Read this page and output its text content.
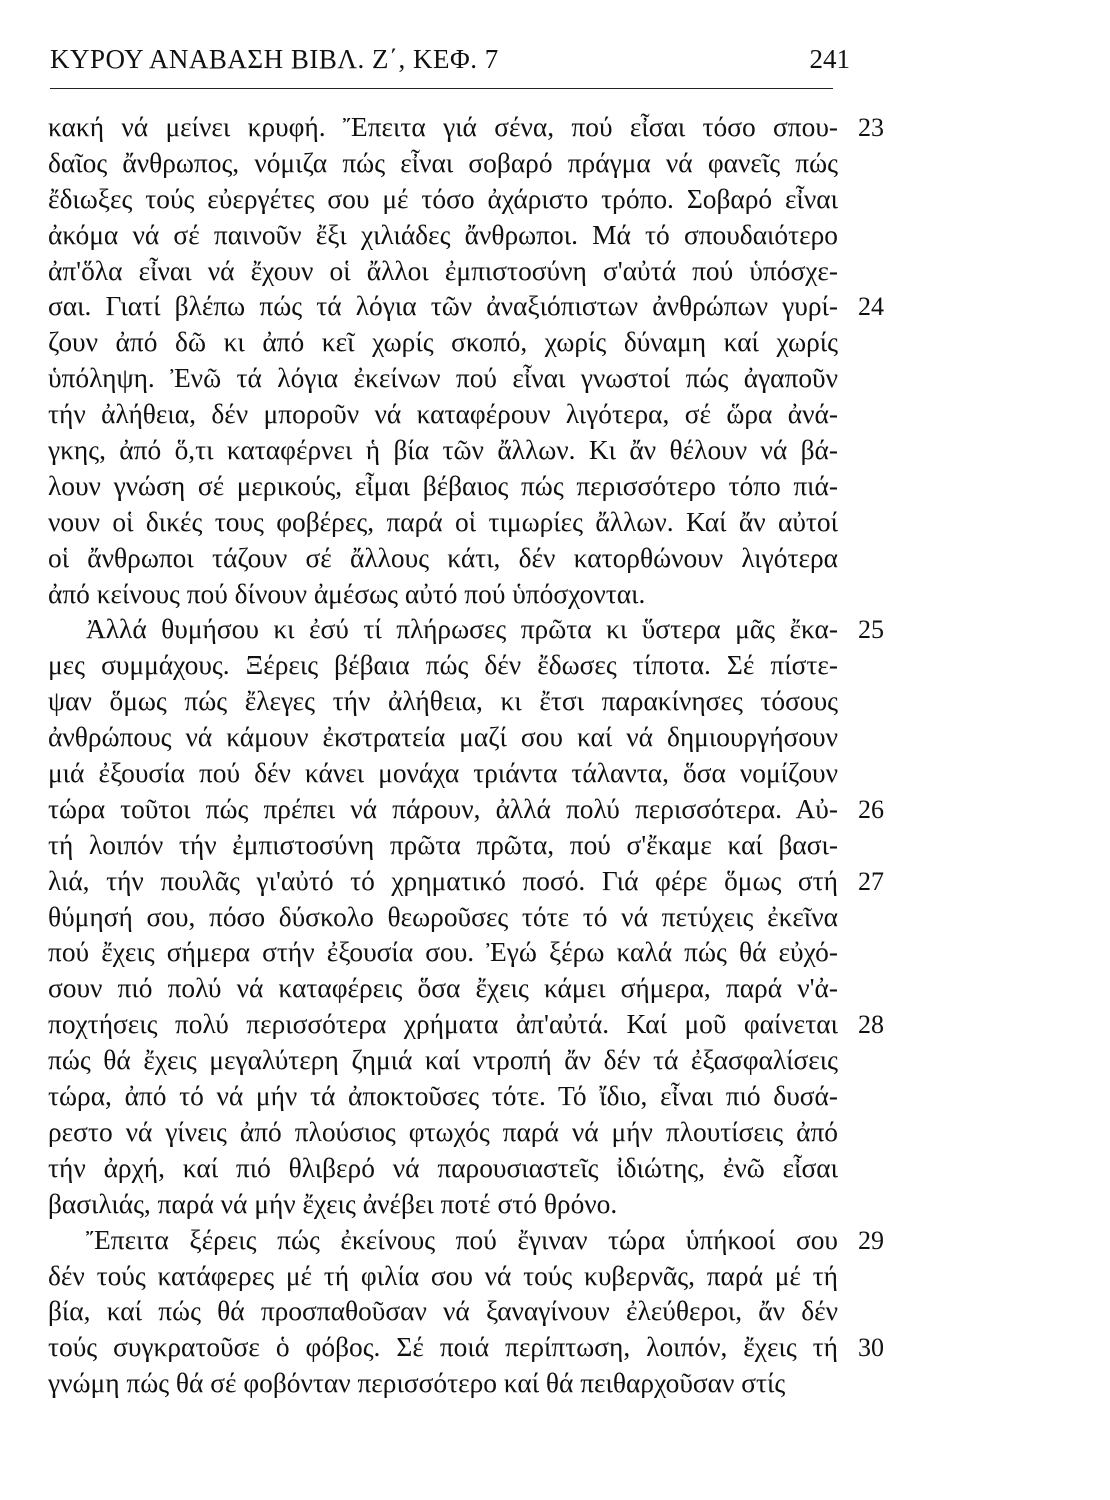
ΚΥΡΟΥ ΑΝΑΒΑΣΗ ΒΙΒΛ. Ζ΄, ΚΕΦ. 7	241
κακή νά μείνει κρυφή. Ἔπειτα γιά σένα, πού εἶσαι τόσο σπου- 23
δαῖος ἄνθρωπος, νόμιζα πώς εἶναι σοβαρό πράγμα νά φανεῖς πώς
ἔδιωξες τούς εὐεργέτες σου μέ τόσο ἀχάριστο τρόπο. Σοβαρό εἶναι
ἀκόμα νά σέ παινοῦν ἔξι χιλιάδες ἄνθρωποι. Μά τό σπουδαιότερο
ἀπ'ὅλα εἶναι νά ἔχουν οἱ ἄλλοι ἐμπιστοσύνη σ'αὐτά πού ὑπόσχε-
σαι. Γιατί βλέπω πώς τά λόγια τῶν ἀναξιόπιστων ἀνθρώπων γυρί- 24
ζουν ἀπό δῶ κι ἀπό κεῖ χωρίς σκοπό, χωρίς δύναμη καί χωρίς
ὑπόληψη. Ἐνῶ τά λόγια ἐκείνων πού εἶναι γνωστοί πώς ἀγαποῦν
τήν ἀλήθεια, δέν μποροῦν νά καταφέρουν λιγότερα, σέ ὥρα ἀνά-
γκης, ἀπό ὅ,τι καταφέρνει ἡ βία τῶν ἄλλων. Κι ἄν θέλουν νά βά-
λουν γνώση σέ μερικούς, εἶμαι βέβαιος πώς περισσότερο τόπο πιά-
νουν οἱ δικές τους φοβέρες, παρά οἱ τιμωρίες ἄλλων. Καί ἄν αὐτοί
οἱ ἄνθρωποι τάζουν σέ ἄλλους κάτι, δέν κατορθώνουν λιγότερα
ἀπό κείνους πού δίνουν ἀμέσως αὐτό πού ὑπόσχονται.
Ἀλλά θυμήσου κι ἐσύ τί πλήρωσες πρῶτα κι ὕστερα μᾶς ἔκα- 25
μες συμμάχους. Ξέρεις βέβαια πώς δέν ἔδωσες τίποτα. Σέ πίστε-
ψαν ὅμως πώς ἔλεγες τήν ἀλήθεια, κι ἔτσι παρακίνησες τόσους
ἀνθρώπους νά κάμουν ἐκστρατεία μαζί σου καί νά δημιουργήσουν
μιά ἐξουσία πού δέν κάνει μονάχα τριάντα τάλαντα, ὅσα νομίζουν
τώρα τοῦτοι πώς πρέπει νά πάρουν, ἀλλά πολύ περισσότερα. Αὐ- 26
τή λοιπόν τήν ἐμπιστοσύνη πρῶτα πρῶτα, πού σ'ἔκαμε καί βασι-
λιά, τήν πουλᾶς γι'αὐτό τό χρηματικό ποσό. Γιά φέρε ὅμως στή 27
θύμησή σου, πόσο δύσκολο θεωροῦσες τότε τό νά πετύχεις ἐκεῖνα
πού ἔχεις σήμερα στήν ἐξουσία σου. Ἐγώ ξέρω καλά πώς θά εὐχό-
σουν πιό πολύ νά καταφέρεις ὅσα ἔχεις κάμει σήμερα, παρά ν'ἀ-
ποχτήσεις πολύ περισσότερα χρήματα ἀπ'αὐτά. Καί μοῦ φαίνεται 28
πώς θά ἔχεις μεγαλύτερη ζημιά καί ντροπή ἄν δέν τά ἐξασφαλίσεις
τώρα, ἀπό τό νά μήν τά ἀποκτοῦσες τότε. Τό ἴδιο, εἶναι πιό δυσά-
ρεστο νά γίνεις ἀπό πλούσιος φτωχός παρά νά μήν πλουτίσεις ἀπό
τήν ἀρχή, καί πιό θλιβερό νά παρουσιαστεῖς ἰδιώτης, ἐνῶ εἶσαι
βασιλιάς, παρά νά μήν ἔχεις ἀνέβει ποτέ στό θρόνο.
Ἔπειτα ξέρεις πώς ἐκείνους πού ἔγιναν τώρα ὑπήκοοί σου 29
δέν τούς κατάφερες μέ τή φιλία σου νά τούς κυβερνᾶς, παρά μέ τή
βία, καί πώς θά προσπαθοῦσαν νά ξαναγίνουν ἐλεύθεροι, ἄν δέν
τούς συγκρατοῦσε ὁ φόβος. Σέ ποιά περίπτωση, λοιπόν, ἔχεις τή 30
γνώμη πώς θά σέ φοβόνταν περισσότερο καί θά πειθαρχοῦσαν στίς
